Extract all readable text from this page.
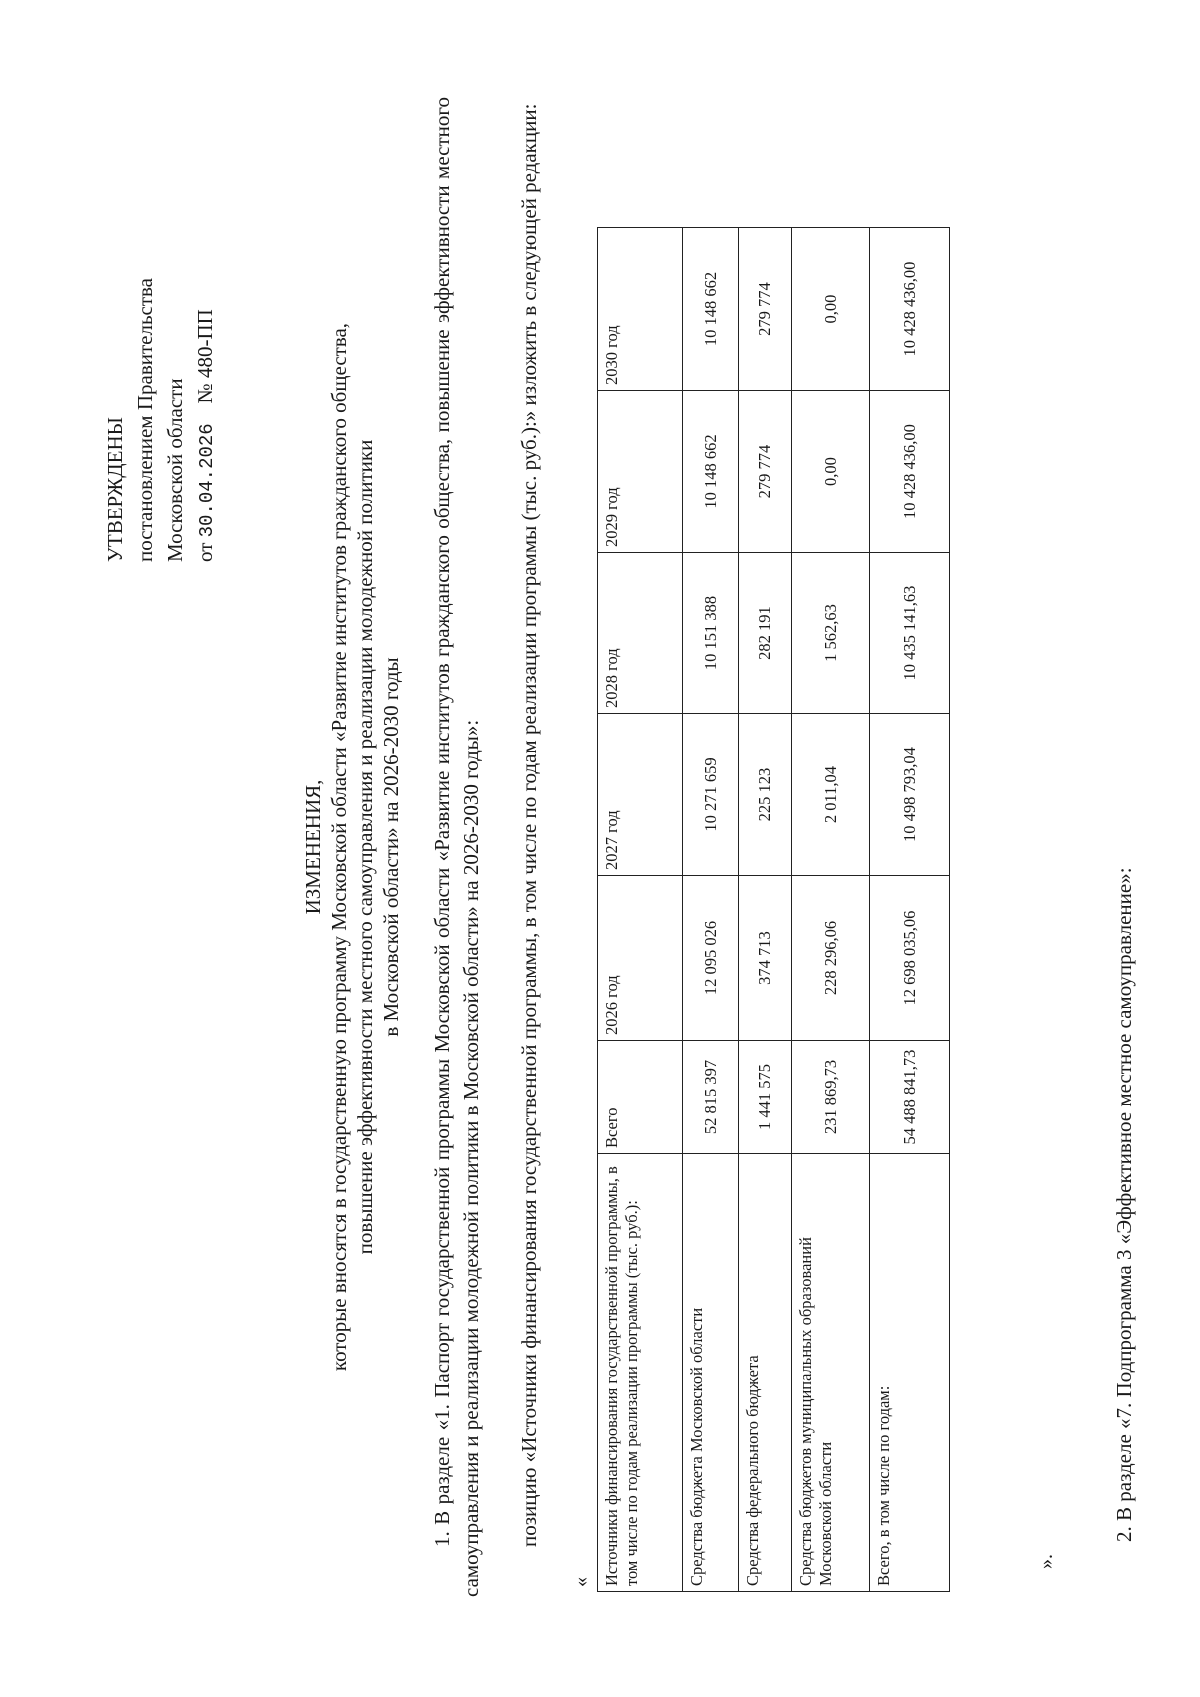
УТВЕРЖДЕНЫ постановлением Правительства Московской области от 30.04.2026№ 480-ПП
ИЗМЕНЕНИЯ, которые вносятся в государственную программу Московской области «Развитие институтов гражданского общества, повышение эффективности местного самоуправления и реализации молодежной политики в Московской области» на 2026-2030 годы 1. В разделе «1. Паспорт государственной программы Московской области «Развитие институтов гражданского общества, повышение эффективности местного самоуправления и реализации молодежной политики в Московской области» на 2026-2030 годы»: позицию «Источники финансирования государственной программы, в том числе по годам реализации программы (тыс. руб.):» изложить в следующей редакции:
« Источники финансирования государственной программы, в том числе по годам реализации программы (тыс. руб.):	Всего	2026 год	2027 год	2028 год	2029 год	2030 год
Средства бюджета Московской области	52 815 397	12 095 026	10 271 659	10 151 388	10 148 662	10 148 662
Средства федерального бюджета	1 441 575	374 713	225 123	282 191	279 774	279 774
Средства бюджетов муниципальных образований Московской области	231 869,73	228 296,06	2 011,04	1 562,63	0,00	0,00
Всего, в том числе по годам:	54 488 841,73	12 698 035,06	10 498 793,04	10 435 141,63	10 428 436,00	10 428 436,00
».
2. В разделе «7. Подпрограмма 3 «Эффективное местное самоуправление»:
